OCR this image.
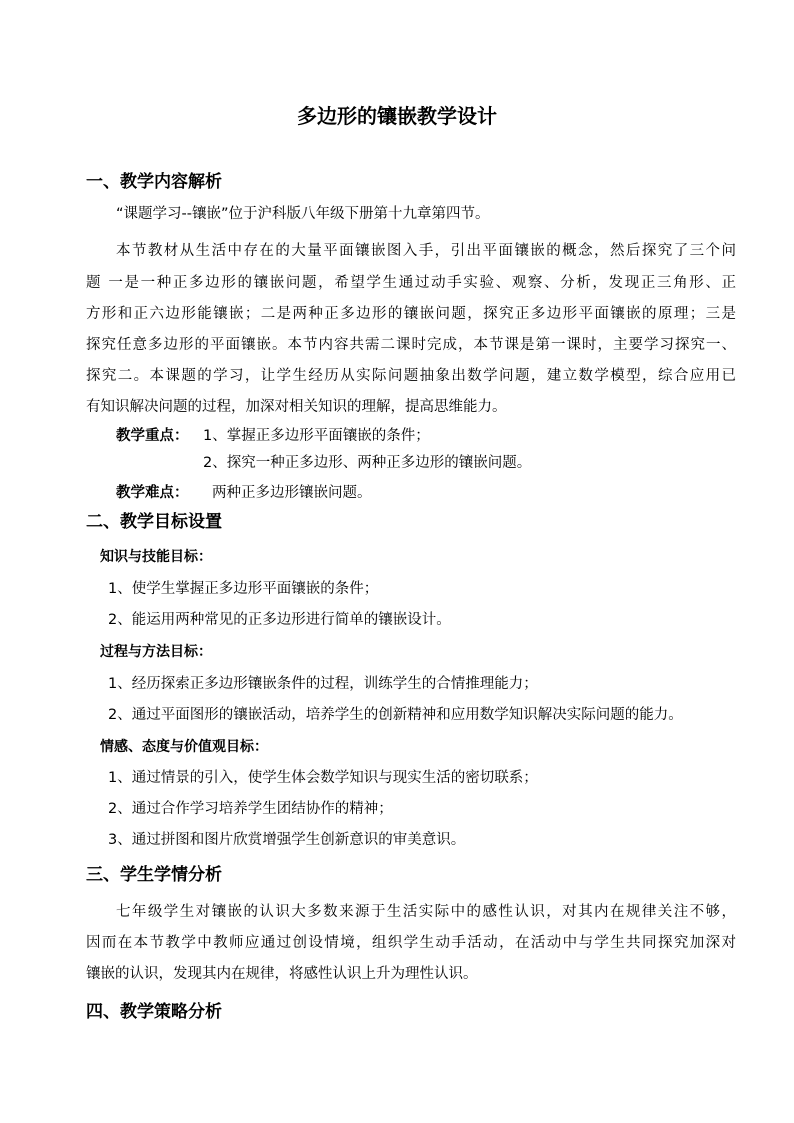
多边形的镶嵌教学设计
一、教学内容解析
“课题学习--镶嵌”位于沪科版八年级下册第十九章第四节。
本节教材从生活中存在的大量平面镶嵌图入手，引出平面镶嵌的概念，然后探究了三个问
题 一是一种正多边形的镶嵌问题，希望学生通过动手实验、观察、分析，发现正三角形、正
方形和正六边形能镶嵌；二是两种正多边形的镶嵌问题，探究正多边形平面镶嵌的原理；三是
探究任意多边形的平面镶嵌。本节内容共需二课时完成，本节课是第一课时，主要学习探究一、
探究二。本课题的学习，让学生经历从实际问题抽象出数学问题，建立数学模型，综合应用已
有知识解决问题的过程，加深对相关知识的理解，提高思维能力。
教学重点： 1、掌握正多边形平面镶嵌的条件；
2、探究一种正多边形、两种正多边形的镶嵌问题。
教学难点： 两种正多边形镶嵌问题。
二、教学目标设置
知识与技能目标：
1、使学生掌握正多边形平面镶嵌的条件；
2、能运用两种常见的正多边形进行简单的镶嵌设计。
过程与方法目标：
1、经历探索正多边形镶嵌条件的过程，训练学生的合情推理能力；
2、通过平面图形的镶嵌活动，培养学生的创新精神和应用数学知识解决实际问题的能力。
情感、态度与价值观目标：
1、通过情景的引入，使学生体会数学知识与现实生活的密切联系；
2、通过合作学习培养学生团结协作的精神；
3、通过拼图和图片欣赏增强学生创新意识的审美意识。
三、学生学情分析
七年级学生对镶嵌的认识大多数来源于生活实际中的感性认识，对其内在规律关注不够，
因而在本节教学中教师应通过创设情境，组织学生动手活动，在活动中与学生共同探究加深对
镶嵌的认识，发现其内在规律，将感性认识上升为理性认识。
四、教学策略分析
